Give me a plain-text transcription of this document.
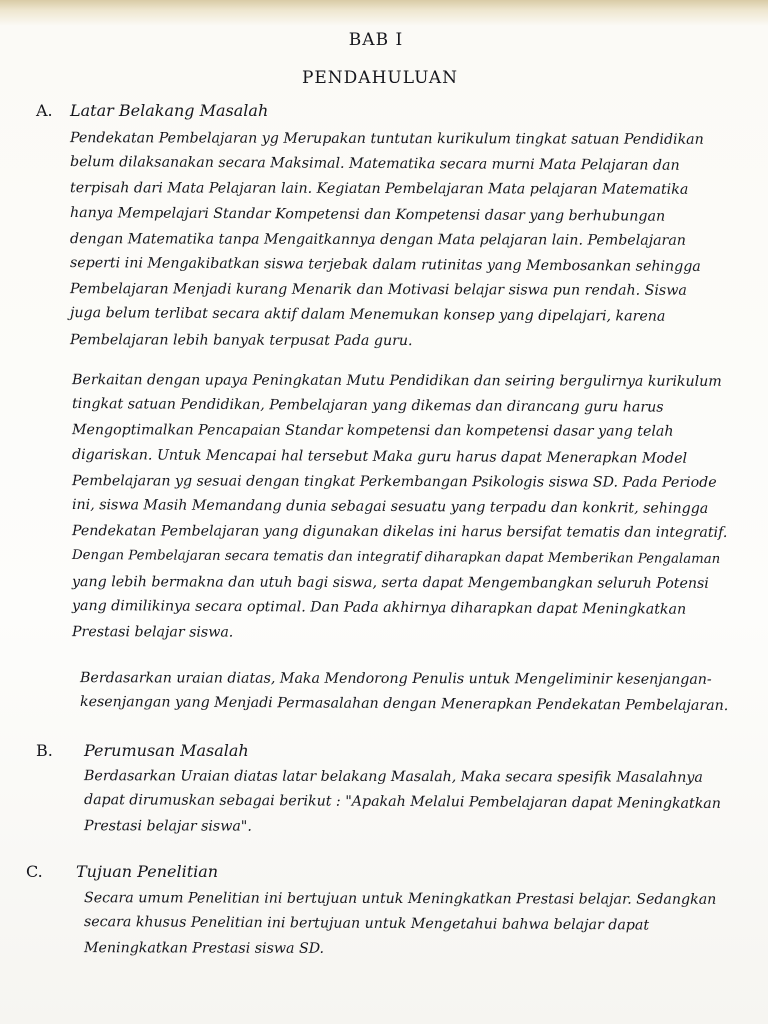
BAB I
PENDAHULUAN
A. Latar Belakang Masalah
Pendekatan Pembelajaran yg Merupakan tuntutan kurikulum tingkat satuan Pendidikan
belum dilaksanakan secara Maksimal. Matematika secara murni Mata Pelajaran dan
terpisah dari Mata Pelajaran lain. Kegiatan Pembelajaran Mata pelajaran Matematika
hanya Mempelajari Standar Kompetensi dan Kompetensi dasar yang berhubungan
dengan Matematika tanpa Mengaitkannya dengan Mata pelajaran lain. Pembelajaran
seperti ini Mengakibatkan siswa terjebak dalam rutinitas yang Membosankan sehingga
Pembelajaran Menjadi kurang Menarik dan Motivasi belajar siswa pun rendah. Siswa
juga belum terlibat secara aktif dalam Menemukan konsep yang dipelajari, karena
Pembelajaran lebih banyak terpusat Pada guru.
Berkaitan dengan upaya Peningkatan Mutu Pendidikan dan seiring bergulirnya kurikulum
tingkat satuan Pendidikan, Pembelajaran yang dikemas dan dirancang guru harus
Mengoptimalkan Pencapaian Standar kompetensi dan kompetensi dasar yang telah
digariskan. Untuk Mencapai hal tersebut Maka guru harus dapat Menerapkan Model
Pembelajaran yg sesuai dengan tingkat Perkembangan Psikologis siswa SD. Pada Periode
ini, siswa Masih Memandang dunia sebagai sesuatu yang terpadu dan konkrit, sehingga
Pendekatan Pembelajaran yang digunakan dikelas ini harus bersifat tematis dan integratif.
Dengan Pembelajaran secara tematis dan integratif diharapkan dapat Memberikan Pengalaman
yang lebih bermakna dan utuh bagi siswa, serta dapat Mengembangkan seluruh Potensi
yang dimilikinya secara optimal. Dan Pada akhirnya diharapkan dapat Meningkatkan
Prestasi belajar siswa.
Berdasarkan uraian diatas, Maka Mendorong Penulis untuk Mengeliminir kesenjangan-
kesenjangan yang Menjadi Permasalahan dengan Menerapkan Pendekatan Pembelajaran.
B. Perumusan Masalah
Berdasarkan Uraian diatas latar belakang Masalah, Maka secara spesifik Masalahnya
dapat dirumuskan sebagai berikut : "Apakah Melalui Pembelajaran dapat Meningkatkan
Prestasi belajar siswa".
C. Tujuan Penelitian
Secara umum Penelitian ini bertujuan untuk Meningkatkan Prestasi belajar. Sedangkan
secara khusus Penelitian ini bertujuan untuk Mengetahui bahwa belajar dapat
Meningkatkan Prestasi siswa SD.
